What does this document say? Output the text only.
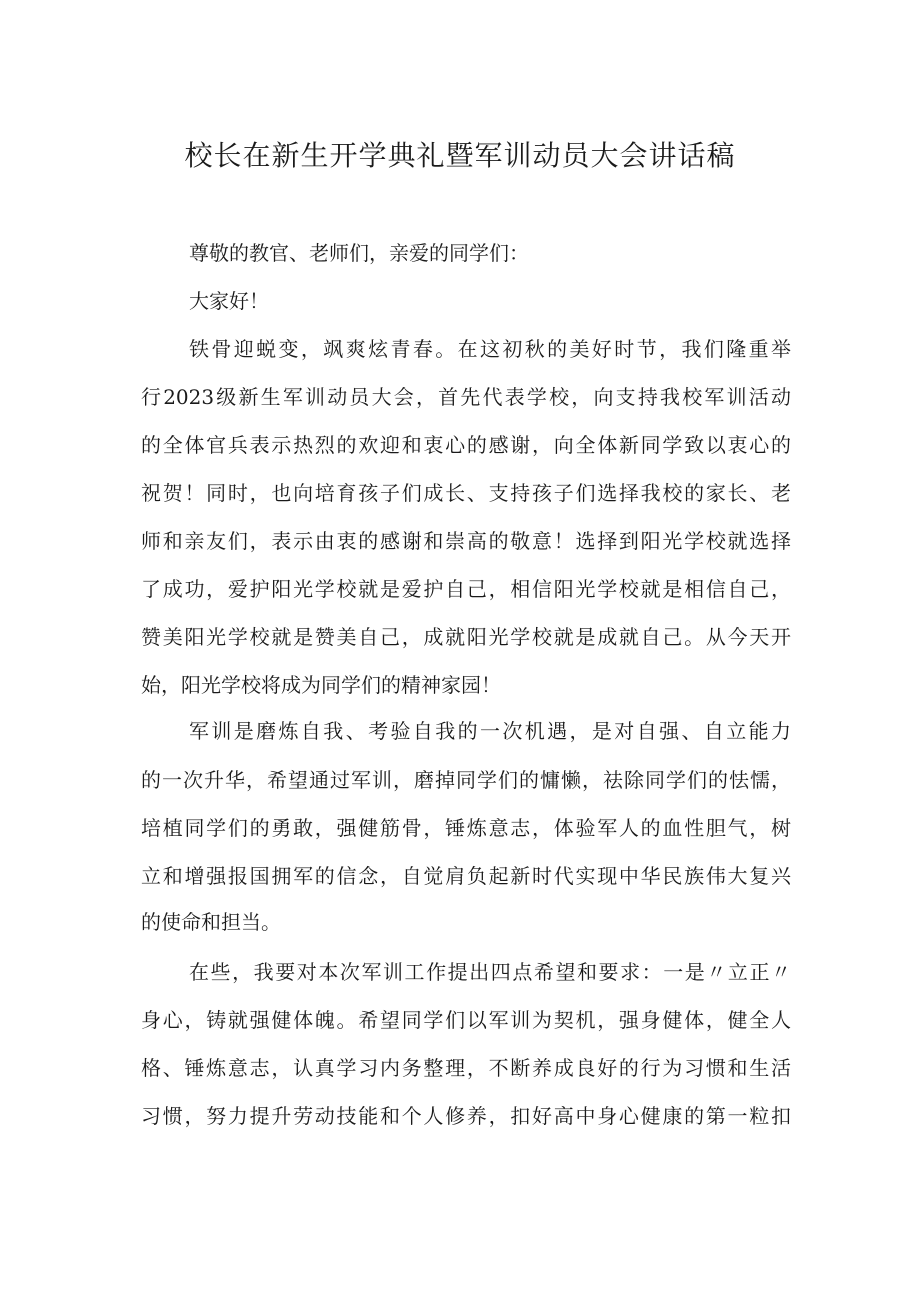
校长在新生开学典礼暨军训动员大会讲话稿
尊敬的教官、老师们，亲爱的同学们：
大家好！
铁骨迎蜕变，飒爽炫青春。在这初秋的美好时节，我们隆重举
行2023级新生军训动员大会，首先代表学校，向支持我校军训活动
的全体官兵表示热烈的欢迎和衷心的感谢，向全体新同学致以衷心的
祝贺！同时，也向培育孩子们成长、支持孩子们选择我校的家长、老
师和亲友们，表示由衷的感谢和崇高的敬意！选择到阳光学校就选择
了成功，爱护阳光学校就是爱护自己，相信阳光学校就是相信自己，
赞美阳光学校就是赞美自己，成就阳光学校就是成就自己。从今天开
始，阳光学校将成为同学们的精神家园！
军训是磨炼自我、考验自我的一次机遇，是对自强、自立能力
的一次升华，希望通过军训，磨掉同学们的慵懒，祛除同学们的怯懦，
培植同学们的勇敢，强健筋骨，锤炼意志，体验军人的血性胆气，树
立和增强报国拥军的信念，自觉肩负起新时代实现中华民族伟大复兴
的使命和担当。
在些，我要对本次军训工作提出四点希望和要求：一是〃立正〃
身心，铸就强健体魄。希望同学们以军训为契机，强身健体，健全人
格、锤炼意志，认真学习内务整理，不断养成良好的行为习惯和生活
习惯，努力提升劳动技能和个人修养，扣好高中身心健康的第一粒扣
